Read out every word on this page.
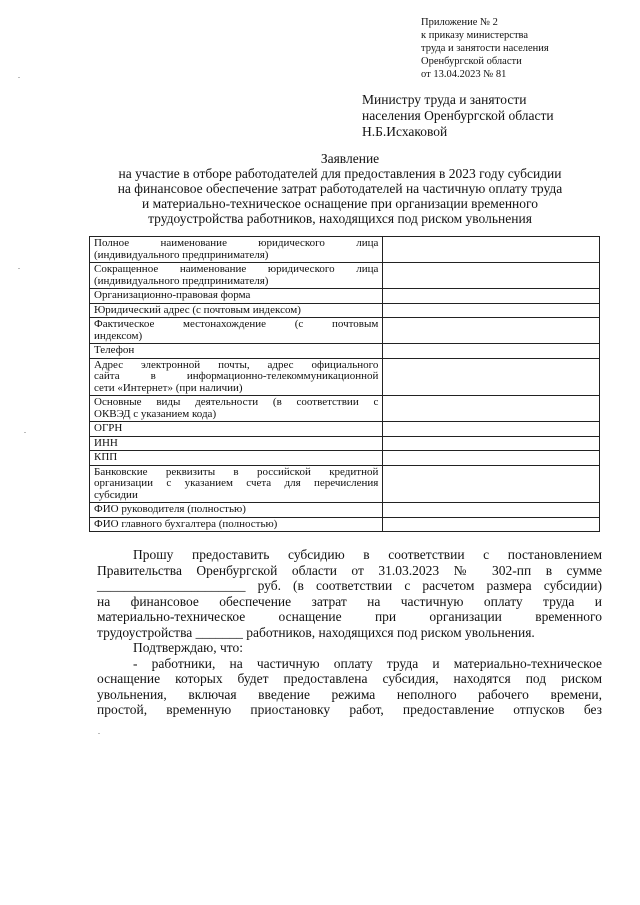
Приложение № 2
к приказу министерства
труда и занятости населения
Оренбургской области
от 13.04.2023 № 81
Министру труда и занятости
населения Оренбургской области
Н.Б.Исхаковой
Заявление
на участие в отборе работодателей для предоставления в 2023 году субсидии
на финансовое обеспечение затрат работодателей на частичную оплату труда
и материально-техническое оснащение при организации временного
трудоустройства работников, находящихся под риском увольнения
Полное наименование юридического лица
(индивидуального предпринимателя)	

Сокращенное наименование юридического лица
(индивидуального предпринимателя)	

Организационно-правовая форма	

Юридический адрес (с почтовым индексом)	

Фактическое местонахождение (с почтовым
индексом)	

Телефон	

Адрес электронной почты, адрес официального
сайта в информационно-телекоммуникационной
сети «Интернет» (при наличии)	

Основные виды деятельности (в соответствии с
ОКВЭД с указанием кода)	

ОГРН	

ИНН	

КПП	

Банковские реквизиты в российской кредитной
организации с указанием счета для перечисления
субсидии	

ФИО руководителя (полностью)	

ФИО главного бухгалтера (полностью)	

Прошу предоставить субсидию в соответствии с постановлением
Правительства Оренбургской области от 31.03.2023 № 302-пп в сумме
______________________ руб. (в соответствии с расчетом размера субсидии)
на финансовое обеспечение затрат на частичную оплату труда и
материально-техническое оснащение при организации временного
трудоустройства _______ работников, находящихся под риском увольнения.
Подтверждаю, что:
- работники, на частичную оплату труда и материально-техническое
оснащение которых будет предоставлена субсидия, находятся под риском
увольнения, включая введение режима неполного рабочего времени,
простой, временную приостановку работ, предоставление отпусков без
